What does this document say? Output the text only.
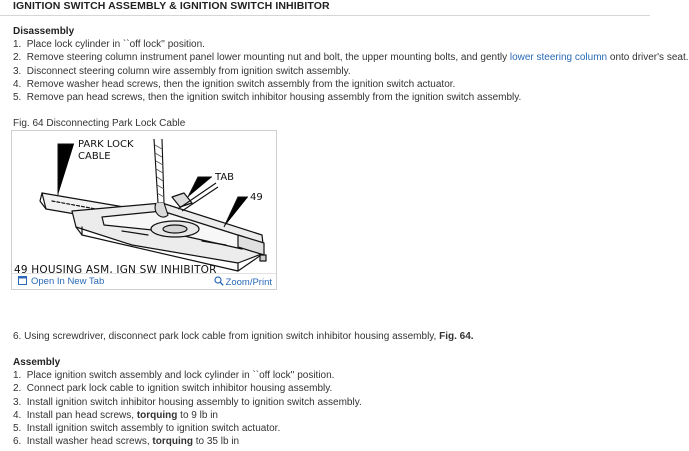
IGNITION SWITCH ASSEMBLY & IGNITION SWITCH INHIBITOR
Disassembly
1. Place lock cylinder in ``off lock'' position.
2. Remove steering column instrument panel lower mounting nut and bolt, the upper mounting bolts, and gently lower steering column onto driver's seat.
3. Disconnect steering column wire assembly from ignition switch assembly.
4. Remove washer head screws, then the ignition switch assembly from the ignition switch actuator.
5. Remove pan head screws, then the ignition switch inhibitor housing assembly from the ignition switch assembly.
Fig. 64 Disconnecting Park Lock Cable
PARK LOCK
CABLE
TAB
49
49 HOUSING ASM, IGN SW INHIBITOR
Open In New Tab	Zoom/Print
6. Using screwdriver, disconnect park lock cable from ignition switch inhibitor housing assembly, Fig. 64.
Assembly
1. Place ignition switch assembly and lock cylinder in ``off lock'' position.
2. Connect park lock cable to ignition switch inhibitor housing assembly.
3. Install ignition switch inhibitor housing assembly to ignition switch assembly.
4. Install pan head screws, torquing to 9 lb in
5. Install ignition switch assembly to ignition switch actuator.
6. Install washer head screws, torquing to 35 lb in
